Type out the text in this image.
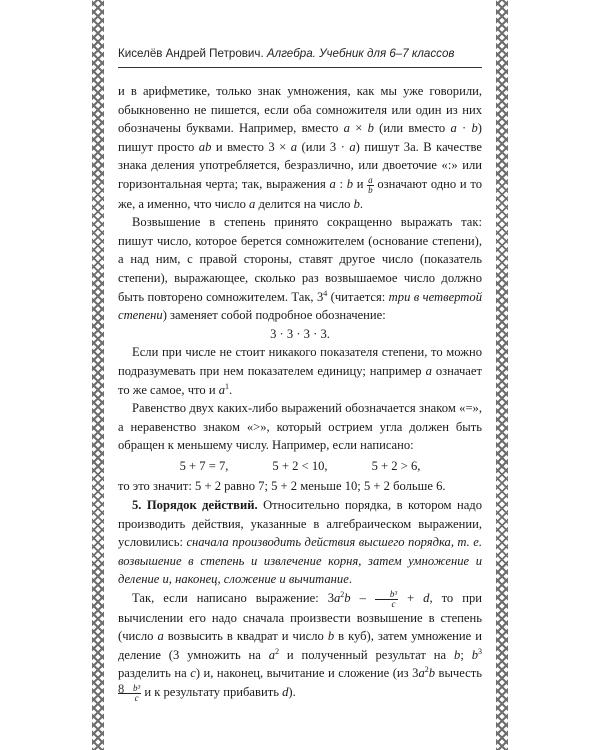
Киселёв Андрей Петрович. Алгебра. Учебник для 6–7 классов

и в арифметике, только знак умножения, как мы уже говорили, обыкновенно не пишется, если оба сомножителя или один из них обозначены буквами. Например, вместо a × b (или вместо a · b) пишут просто ab и вместо 3 × a (или 3 · a) пишут 3a. В качестве знака деления употребляется, безразлично, или двоеточие «:» или горизонтальная черта; так, выражения a : b и $\frac{a}{b}$ означают одно и то же, а именно, что число a делится на число b.

Возвышение в степень принято сокращенно выражать так: пишут число, которое берется сомножителем (основание степени), а над ним, с правой стороны, ставят другое число (показатель степени), выражающее, сколько раз возвышаемое число должно быть повторено сомножителем. Так, $3^4$ (читается: три в четвертой степени) заменяет собой подробное обозначение:

3 · 3 · 3 · 3.

Если при числе не стоит никакого показателя степени, то можно подразумевать при нем показателем единицу; например a означает то же самое, что и $a^1$.

Равенство двух каких-либо выражений обозначается знаком «=», а неравенство знаком «>», который острием угла должен быть обращен к меньшему числу. Например, если написано:

5 + 7 = 7,	5 + 2 < 10,	5 + 2 > 6,

то это значит: 5 + 2 равно 7; 5 + 2 меньше 10; 5 + 2 больше 6.

5. Порядок действий. Относительно порядка, в котором надо производить действия, указанные в алгебраическом выражении, условились: сначала производить действия высшего порядка, т. е. возвышение в степень и извлечение корня, затем умножение и деление и, наконец, сложение и вычитание.

Так, если написано выражение: $3a^2b - \frac{\text{b³}}{c} + d$, то при вычислении его надо сначала произвести возвышение в степень (число a возвысить в квадрат и число b в куб), затем умножение и деление (3 умножить на $a^2$ и полученный результат на b; $b^3$ разделить на c) и, наконец, вычитание и сложение (из $3a^2b$ вычесть
$\frac{\text{b³}}{c}$ и к результату прибавить d).

8
